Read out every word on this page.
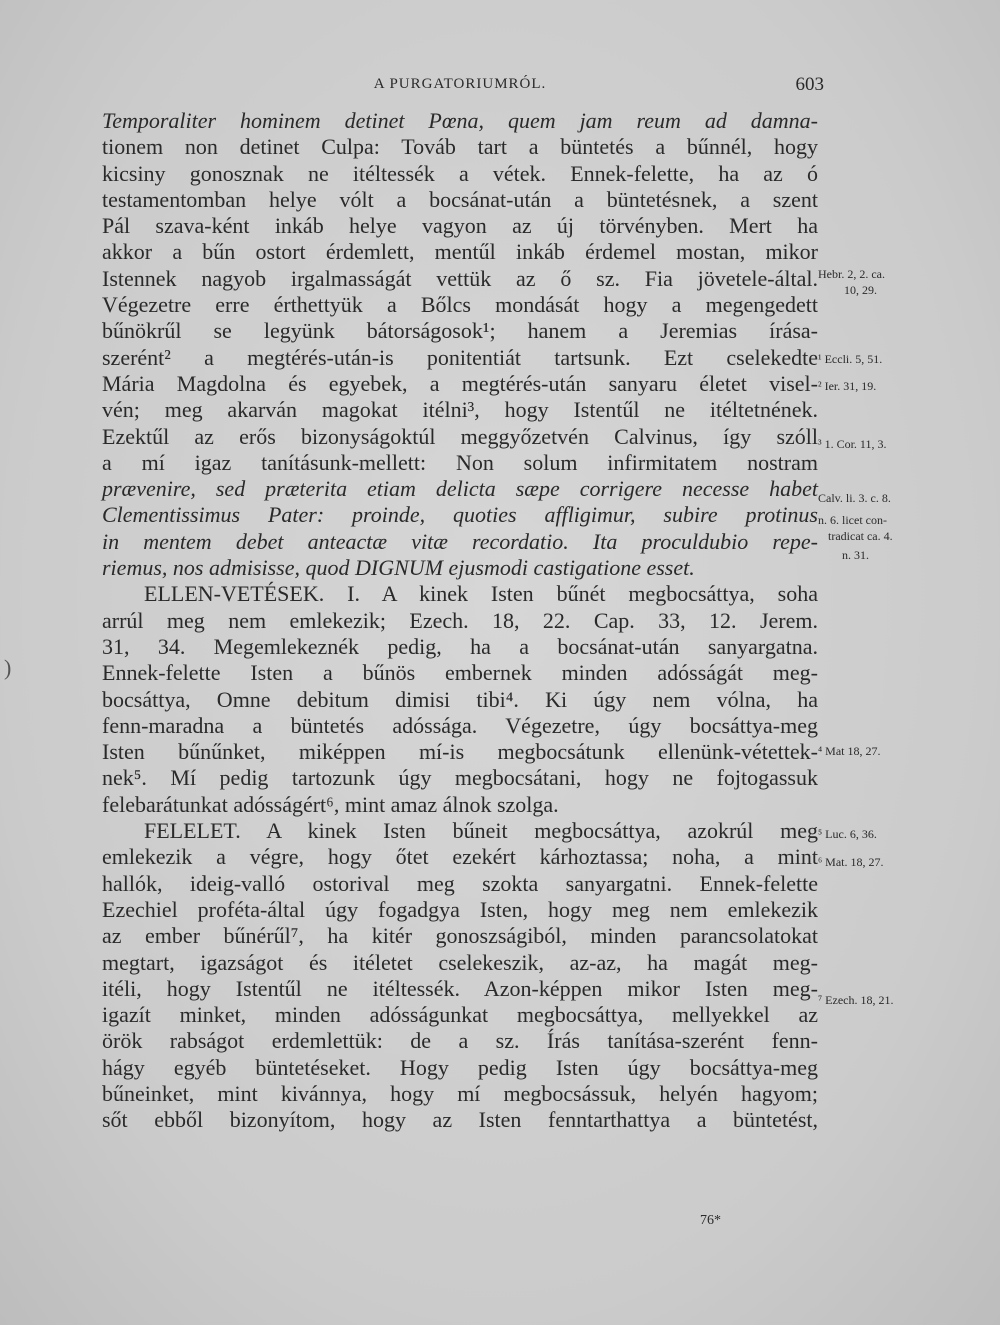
A PURGATORIUMRÓL.	603
Temporaliter hominem detinet Pœna, quem jam reum ad damna-
tionem non detinet Culpa: Továb tart a büntetés a bűnnél, hogy
kicsiny gonosznak ne itéltessék a vétek. Ennek-felette, ha az ó
testamentomban helye vólt a bocsánat-után a büntetésnek, a szent
Pál szava-ként inkáb helye vagyon az új törvényben. Mert ha
akkor a bűn ostort érdemlett, mentűl inkáb érdemel mostan, mikor
Istennek nagyob irgalmasságát vettük az ő sz. Fia jövetele-által.
Végezetre erre érthettyük a Bőlcs mondását hogy a megengedett
bűnökrűl se legyünk bátorságosok¹; hanem a Jeremias írása-
szerént² a megtérés-után-is ponitentiát tartsunk. Ezt cselekedte
Mária Magdolna és egyebek, a megtérés-után sanyaru életet visel-
vén; meg akarván magokat itélni³, hogy Istentűl ne itéltetnének.
Ezektűl az erős bizonyságoktúl meggyőzetvén Calvinus, így szóll
a mí igaz tanításunk-mellett: Non solum infirmitatem nostram
prævenire, sed præterita etiam delicta sæpe corrigere necesse habet
Clementissimus Pater: proinde, quoties affligimur, subire protinus
in mentem debet anteactæ vitæ recordatio. Ita proculdubio repe-
riemus, nos admisisse, quod DIGNUM ejusmodi castigatione esset.
ELLEN-VETÉSEK. I. A kinek Isten bűnét megbocsáttya, soha
arrúl meg nem emlekezik; Ezech. 18, 22. Cap. 33, 12. Jerem.
31, 34. Megemlekeznék pedig, ha a bocsánat-után sanyargatna.
Ennek-felette Isten a bűnös embernek minden adósságát meg-
bocsáttya, Omne debitum dimisi tibi⁴. Ki úgy nem vólna, ha
fenn-maradna a büntetés adóssága. Végezetre, úgy bocsáttya-meg
Isten bűnűnket, miképpen mí-is megbocsátunk ellenünk-vétettek-
nek⁵. Mí pedig tartozunk úgy megbocsátani, hogy ne fojtogassuk
felebarátunkat adósságért⁶, mint amaz álnok szolga.
FELELET. A kinek Isten bűneit megbocsáttya, azokrúl meg
emlekezik a végre, hogy őtet ezekért kárhoztassa; noha, a mint
hallók, ideig-valló ostorival meg szokta sanyargatni. Ennek-felette
Ezechiel proféta-által úgy fogadgya Isten, hogy meg nem emlekezik
az ember bűnérűl⁷, ha kitér gonoszságiból, minden parancsolatokat
megtart, igazságot és itéletet cselekeszik, az-az, ha magát meg-
itéli, hogy Istentűl ne itéltessék. Azon-képpen mikor Isten meg-
igazít minket, minden adósságunkat megbocsáttya, mellyekkel az
örök rabságot erdemlettük: de a sz. Írás tanítása-szerént fenn-
hágy egyéb büntetéseket. Hogy pedig Isten úgy bocsáttya-meg
bűneinket, mint kivánnya, hogy mí megbocsássuk, helyén hagyom;
sőt ebből bizonyítom, hogy az Isten fenntarthattya a büntetést,
Hebr. 2, 2. ca.
10, 29.
¹ Eccli. 5, 51.
² Ier. 31, 19.
³ 1. Cor. 11, 3.
Calv. li. 3. c. 8.
n. 6. licet con-
tradicat ca. 4.
n. 31.
⁴ Mat 18, 27.
⁵ Luc. 6, 36.
⁶ Mat. 18, 27.
⁷ Ezech. 18, 21.
76*
)
